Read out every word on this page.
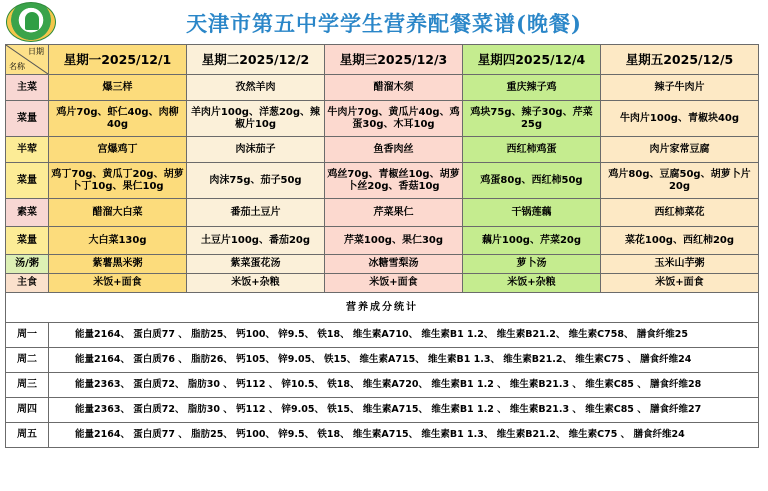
天津市第五中学学生营养配餐菜谱(晚餐)
日期
名称	星期一2025/12/1	星期二2025/12/2	星期三2025/12/3	星期四2025/12/4	星期五2025/12/5
主菜	爆三样	孜然羊肉	醋溜木须	重庆辣子鸡	辣子牛肉片
菜量	鸡片70g、虾仁40g、肉柳40g	羊肉片100g、洋葱20g、辣椒片10g	牛肉片70g、黄瓜片40g、鸡蛋30g、木耳10g	鸡块75g、辣子30g、芹菜25g	牛肉片100g、青椒块40g
半荤	宫爆鸡丁	肉沫茄子	鱼香肉丝	西红柿鸡蛋	肉片家常豆腐
菜量	鸡丁70g、黄瓜丁20g、胡萝卜丁10g、果仁10g	肉沫75g、茄子50g	鸡丝70g、青椒丝10g、胡萝卜丝20g、香菇10g	鸡蛋80g、西红柿50g	鸡片80g、豆腐50g、胡萝卜片20g
素菜	醋溜大白菜	番茄土豆片	芹菜果仁	干锅莲藕	西红柿菜花
菜量	大白菜130g	土豆片100g、番茄20g	芹菜100g、果仁30g	藕片100g、芹菜20g	菜花100g、西红柿20g
汤/粥	紫薯黑米粥	紫菜蛋花汤	冰糖雪梨汤	萝卜汤	玉米山芋粥
主食	米饭+面食	米饭+杂粮	米饭+面食	米饭+杂粮	米饭+面食
营养成分统计					
周一	能量2164、 蛋白质77 、 脂肪25、 钙100、 锌9.5、 铁18、 维生素A710、 维生素B1 1.2、 维生素B21.2、 维生素C758、 膳食纤维25				
周二	能量2164、 蛋白质76 、 脂肪26、 钙105、 锌9.05、 铁15、 维生素A715、 维生素B1 1.3、 维生素B21.2、 维生素C75 、 膳食纤维24				
周三	能量2363、 蛋白质72、 脂肪30 、 钙112 、 锌10.5、 铁18、 维生素A720、 维生素B1 1.2 、 维生素B21.3 、 维生素C85 、 膳食纤维28				
周四	能量2363、 蛋白质72、 脂肪30 、 钙112 、 锌9.05、 铁15、 维生素A715、 维生素B1 1.2 、 维生素B21.3 、 维生素C85 、 膳食纤维27				
周五	能量2164、 蛋白质77 、 脂肪25、 钙100、 锌9.5、 铁18、 维生素A715、 维生素B1 1.3、 维生素B21.2、 维生素C75 、 膳食纤维24				
